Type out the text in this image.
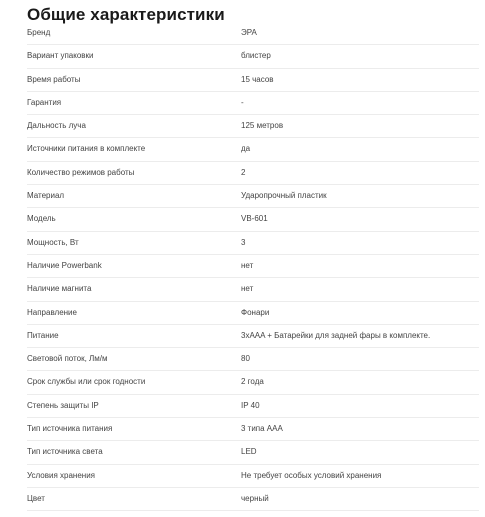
Общие характеристики
Бренд	ЭРА
Вариант упаковки	блистер
Время работы	15 часов
Гарантия	-
Дальность луча	125 метров
Источники питания в комплекте	да
Количество режимов работы	2
Материал	Ударопрочный пластик
Модель	VB-601
Мощность, Вт	3
Наличие Powerbank	нет
Наличие магнита	нет
Направление	Фонари
Питание	3xAAA + Батарейки для задней фары в комплекте.
Световой поток, Лм/м	80
Срок службы или срок годности	2 года
Степень защиты IP	IP 40
Тип источника питания	3 типа AAA
Тип источника света	LED
Условия хранения	Не требует особых условий хранения
Цвет	черный
